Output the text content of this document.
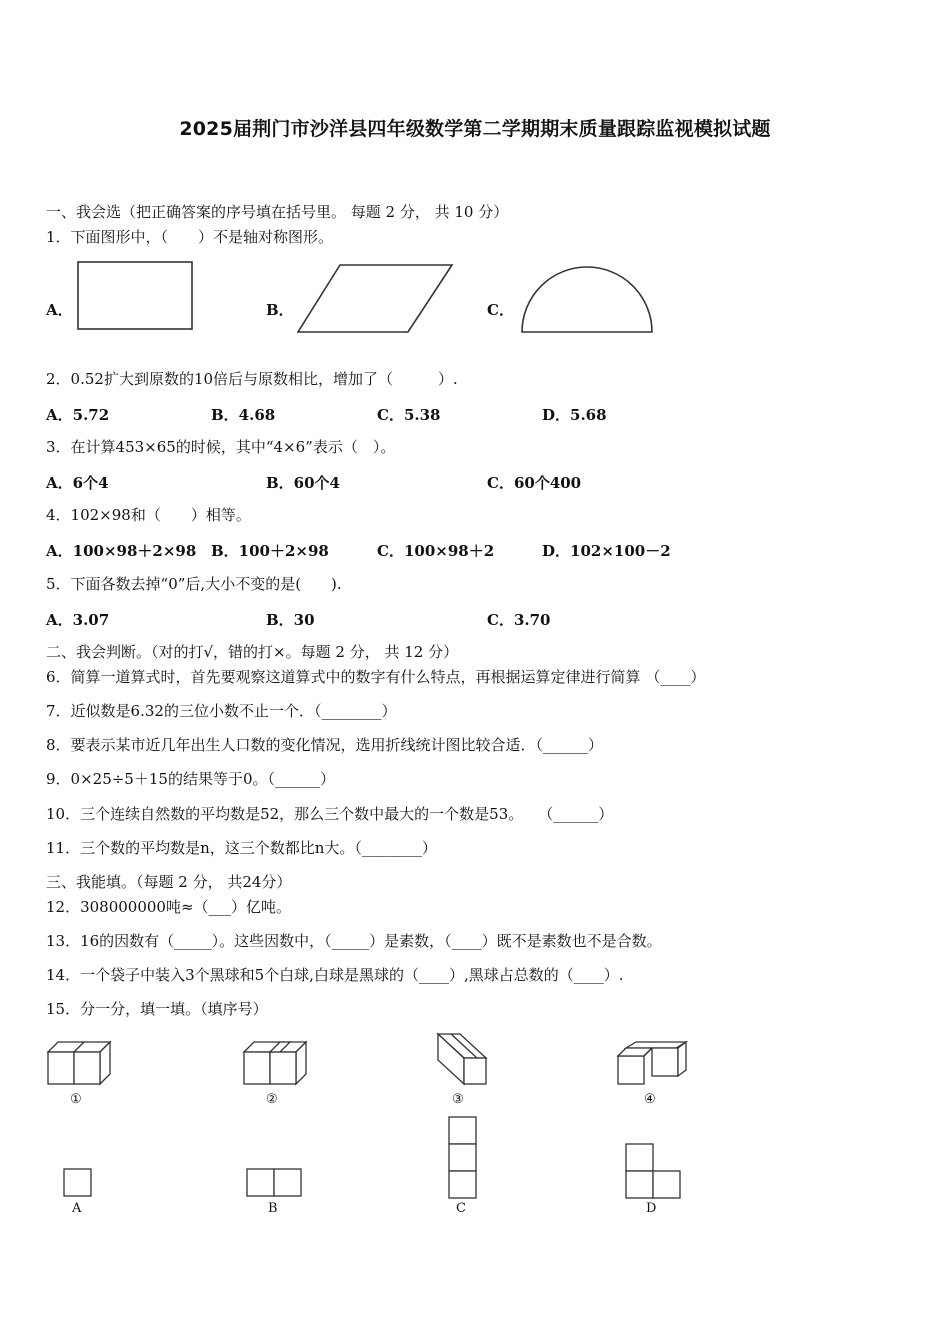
2025届荆门市沙洋县四年级数学第二学期期末质量跟踪监视模拟试题
一、我会选（把正确答案的序号填在括号里。 每题 2 分， 共 10 分）
1．下面图形中，（　　）不是轴对称图形。
A．	B．	C．
2．0.52扩大到原数的10倍后与原数相比，增加了（　　　）.
A．5.72	B．4.68	C．5.38	D．5.68
3．在计算453×65的时候，其中“4×6”表示（　）。
A．6个4	B．60个4	C．60个400
4．102×98和（　　）相等。
A．100×98＋2×98 B．100＋2×98	C．100×98＋2	D．102×100－2
5．下面各数去掉“0”后,大小不变的是(　　).
A．3.07	B．30	C．3.70
二、我会判断。（对的打√，错的打×。每题 2 分， 共 12 分）
6．简算一道算式时，首先要观察这道算式中的数字有什么特点，再根据运算定律进行简算 （____）
7．近似数是6.32的三位小数不止一个．（________）
8．要表示某市近几年出生人口数的变化情况，选用折线统计图比较合适．（______）
9．0×25÷5＋15的结果等于0。（______）
10．三个连续自然数的平均数是52，那么三个数中最大的一个数是53。　　（______）
11．三个数的平均数是n，这三个数都比n大。（________）
三、我能填。（每题 2 分， 共24分）
12．308000000吨≈（___）亿吨。
13．16的因数有（_____）。这些因数中，（_____）是素数，（____）既不是素数也不是合数。
14．一个袋子中装入3个黑球和5个白球,白球是黑球的（____）,黑球占总数的（____）.
15．分一分，填一填。（填序号）
①	②	③	④
A	B	C	D
